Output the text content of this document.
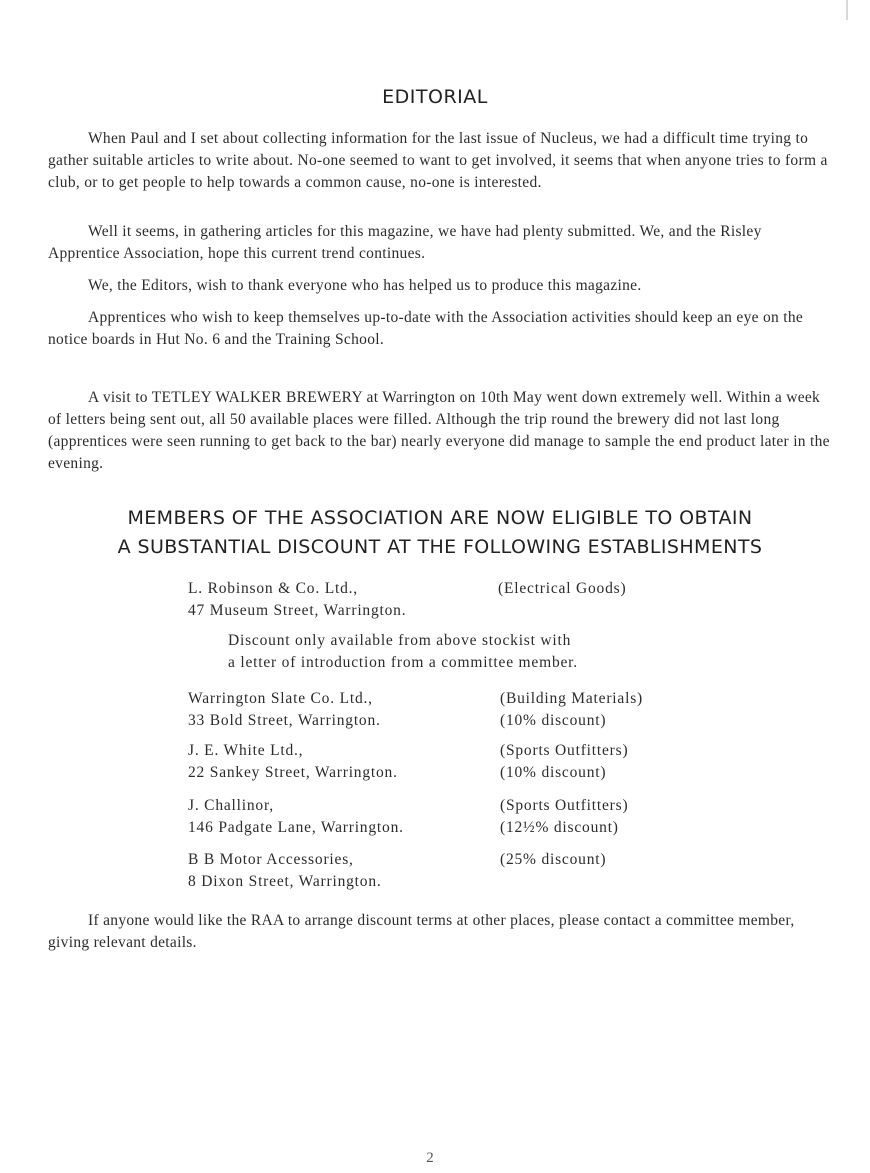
EDITORIAL

When Paul and I set about collecting information for the last issue of Nucleus, we had a difficult time trying to gather suitable articles to write about. No-one seemed to want to get involved, it seems that when anyone tries to form a club, or to get people to help towards a common cause, no-one is interested.

Well it seems, in gathering articles for this magazine, we have had plenty submitted. We, and the Risley Apprentice Association, hope this current trend continues.

We, the Editors, wish to thank everyone who has helped us to produce this magazine.

Apprentices who wish to keep themselves up-to-date with the Association activities should keep an eye on the notice boards in Hut No. 6 and the Training School.

A visit to TETLEY WALKER BREWERY at Warrington on 10th May went down extremely well. Within a week of letters being sent out, all 50 available places were filled. Although the trip round the brewery did not last long (apprentices were seen running to get back to the bar) nearly everyone did manage to sample the end product later in the evening.

MEMBERS OF THE ASSOCIATION ARE NOW ELIGIBLE TO OBTAIN
A SUBSTANTIAL DISCOUNT AT THE FOLLOWING ESTABLISHMENTS
L. Robinson & Co. Ltd.,
47 Museum Street, Warrington.
(Electrical Goods)
Discount only available from above stockist with
a letter of introduction from a committee member.
Warrington Slate Co. Ltd.,
33 Bold Street, Warrington.
(Building Materials)
(10% discount)
J. E. White Ltd.,
22 Sankey Street, Warrington.
(Sports Outfitters)
(10% discount)
J. Challinor,
146 Padgate Lane, Warrington.
(Sports Outfitters)
(12½% discount)
B B Motor Accessories,
8 Dixon Street, Warrington.
(25% discount)

If anyone would like the RAA to arrange discount terms at other places, please contact a committee member, giving relevant details.

2
